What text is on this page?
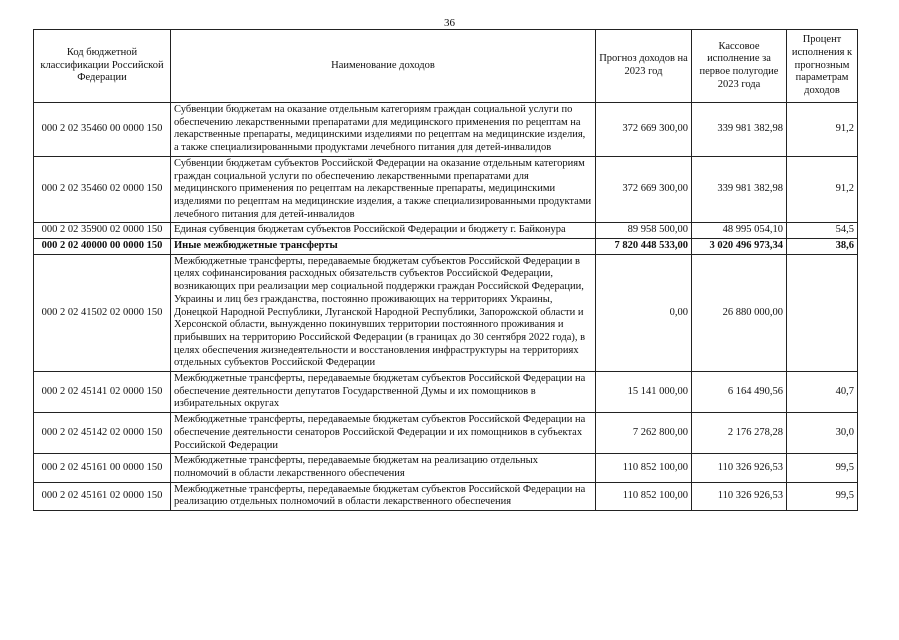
36
Код бюджетной классификации Российской Федерации	Наименование доходов	Прогноз доходов на 2023 год	Кассовое исполнение за первое полугодие 2023 года	Процент исполнения к прогнозным параметрам доходов
000 2 02 35460 00 0000 150	Субвенции бюджетам на оказание отдельным категориям граждан социальной услуги по обеспечению лекарственными препаратами для медицинского применения по рецептам на лекарственные препараты, медицинскими изделиями по рецептам на медицинские изделия, а также специализированными продуктами лечебного питания для детей-инвалидов	372 669 300,00	339 981 382,98	91,2
000 2 02 35460 02 0000 150	Субвенции бюджетам субъектов Российской Федерации на оказание отдельным категориям граждан социальной услуги по обеспечению лекарственными препаратами для медицинского применения по рецептам на лекарственные препараты, медицинскими изделиями по рецептам на медицинские изделия, а также специализированными продуктами лечебного питания для детей-инвалидов	372 669 300,00	339 981 382,98	91,2
000 2 02 35900 02 0000 150	Единая субвенция бюджетам субъектов Российской Федерации и бюджету г. Байконура	89 958 500,00	48 995 054,10	54,5
000 2 02 40000 00 0000 150	Иные межбюджетные трансферты	7 820 448 533,00	3 020 496 973,34	38,6
000 2 02 41502 02 0000 150	Межбюджетные трансферты, передаваемые бюджетам субъектов Российской Федерации в целях софинансирования расходных обязательств субъектов Российской Федерации, возникающих при реализации мер социальной поддержки граждан Российской Федерации, Украины и лиц без гражданства, постоянно проживающих на территориях Украины, Донецкой Народной Республики, Луганской Народной Республики, Запорожской области и Херсонской области, вынужденно покинувших территории постоянного проживания и прибывших на территорию Российской Федерации (в границах до 30 сентября 2022 года), в целях обеспечения жизнедеятельности и восстановления инфраструктуры на территориях отдельных субъектов Российской Федерации	0,00	26 880 000,00	
000 2 02 45141 02 0000 150	Межбюджетные трансферты, передаваемые бюджетам субъектов Российской Федерации на обеспечение деятельности депутатов Государственной Думы и их помощников в избирательных округах	15 141 000,00	6 164 490,56	40,7
000 2 02 45142 02 0000 150	Межбюджетные трансферты, передаваемые бюджетам субъектов Российской Федерации на обеспечение деятельности сенаторов Российской Федерации и их помощников в субъектах Российской Федерации	7 262 800,00	2 176 278,28	30,0
000 2 02 45161 00 0000 150	Межбюджетные трансферты, передаваемые бюджетам на реализацию отдельных полномочий в области лекарственного обеспечения	110 852 100,00	110 326 926,53	99,5
000 2 02 45161 02 0000 150	Межбюджетные трансферты, передаваемые бюджетам субъектов Российской Федерации на реализацию отдельных полномочий в области лекарственного обеспечения	110 852 100,00	110 326 926,53	99,5
